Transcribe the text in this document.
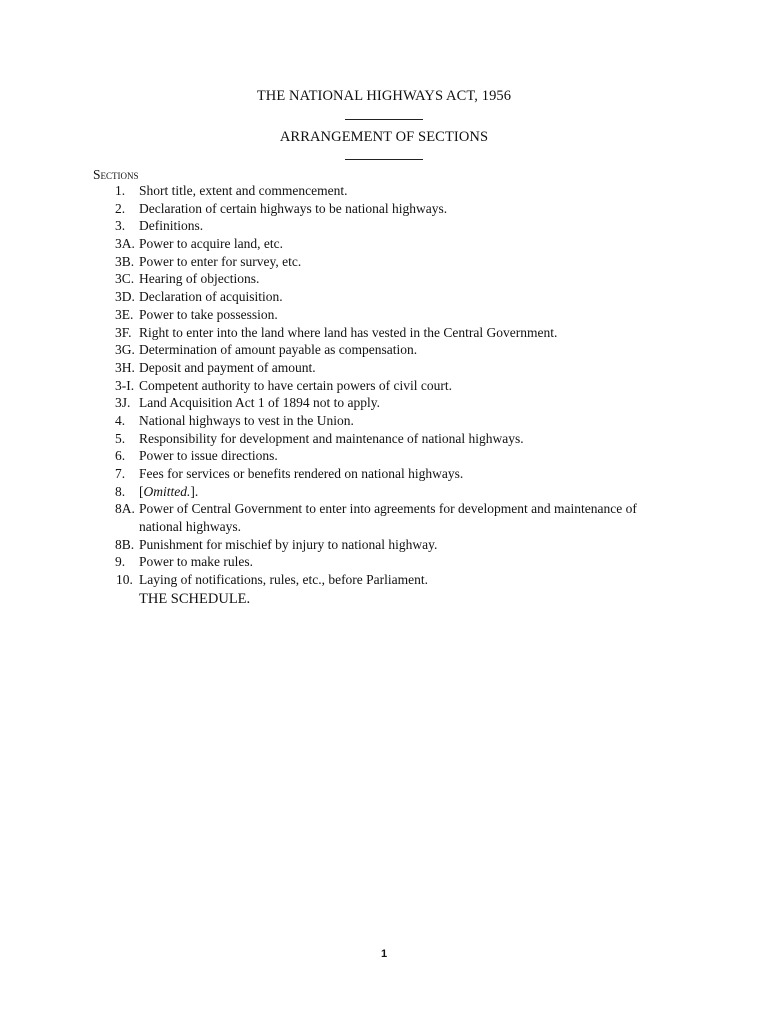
THE NATIONAL HIGHWAYS ACT, 1956
ARRANGEMENT OF SECTIONS
Sections
1.	Short title, extent and commencement.
2.	Declaration of certain highways to be national highways.
3.	Definitions.
3A. Power to acquire land, etc.
3B. Power to enter for survey, etc.
3C. Hearing of objections.
3D. Declaration of acquisition.
3E. Power to take possession.
3F. Right to enter into the land where land has vested in the Central Government.
3G. Determination of amount payable as compensation.
3H. Deposit and payment of amount.
3-I. Competent authority to have certain powers of civil court.
3J. Land Acquisition Act 1 of 1894 not to apply.
4.	National highways to vest in the Union.
5.	Responsibility for development and maintenance of national highways.
6.	Power to issue directions.
7.	Fees for services or benefits rendered on national highways.
8.	[Omitted.].
8A. Power of Central Government to enter into agreements for development and maintenance of national highways.
8B. Punishment for mischief by injury to national highway.
9.	Power to make rules.
10. Laying of notifications, rules, etc., before Parliament.
THE SCHEDULE.
1
